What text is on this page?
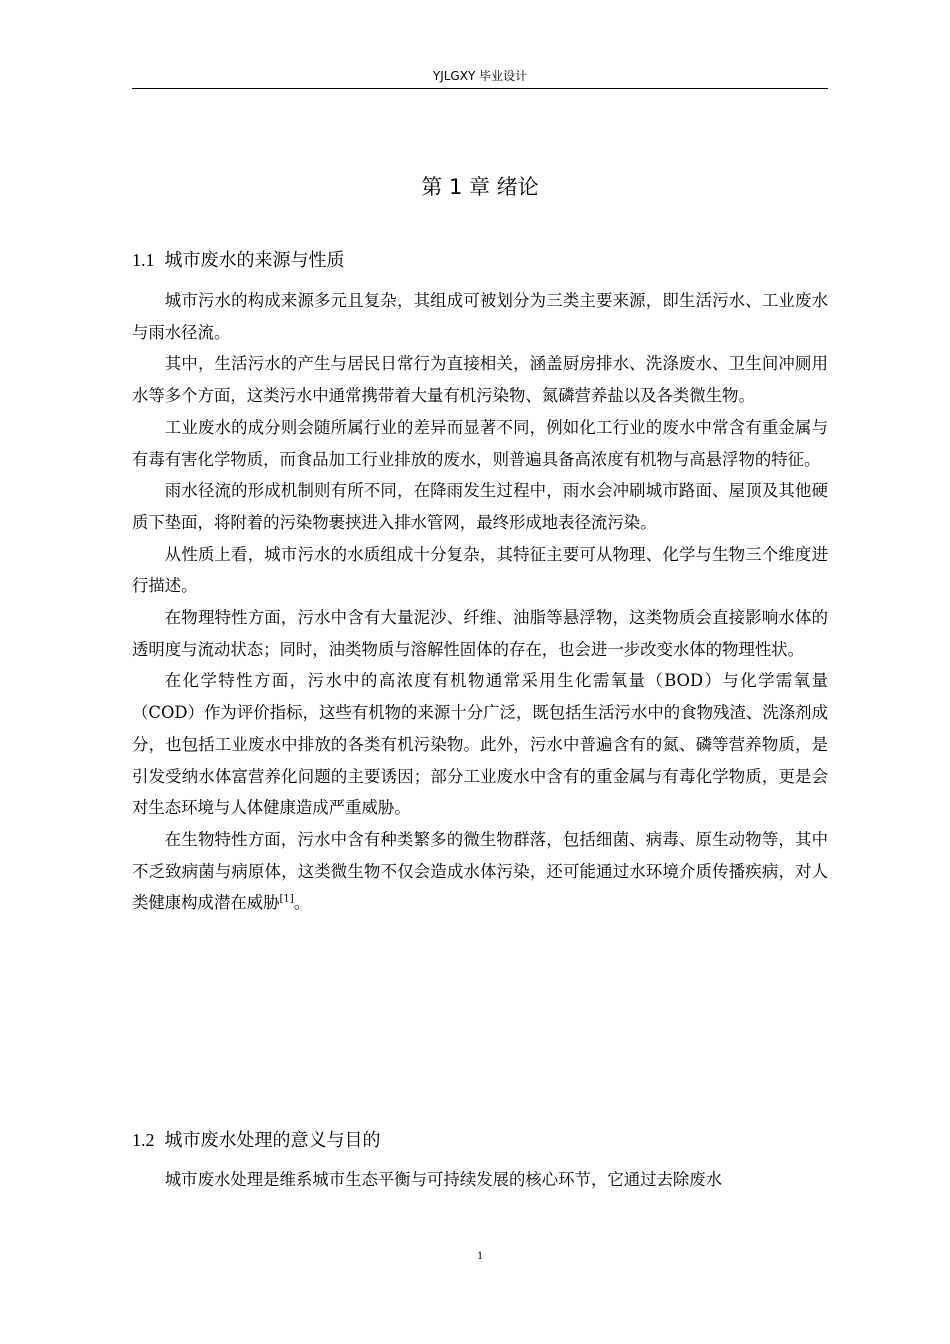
YJLGXY 毕业设计
第 1 章 绪论
1.1 城市废水的来源与性质

城市污水的构成来源多元且复杂，其组成可被划分为三类主要来源，即生活污水、工业废水与雨水径流。

其中，生活污水的产生与居民日常行为直接相关，涵盖厨房排水、洗涤废水、卫生间冲厕用水等多个方面，这类污水中通常携带着大量有机污染物、氮磷营养盐以及各类微生物。

工业废水的成分则会随所属行业的差异而显著不同，例如化工行业的废水中常含有重金属与有毒有害化学物质，而食品加工行业排放的废水，则普遍具备高浓度有机物与高悬浮物的特征。

雨水径流的形成机制则有所不同，在降雨发生过程中，雨水会冲刷城市路面、屋顶及其他硬质下垫面，将附着的污染物裹挟进入排水管网，最终形成地表径流污染。

从性质上看，城市污水的水质组成十分复杂，其特征主要可从物理、化学与生物三个维度进行描述。

在物理特性方面，污水中含有大量泥沙、纤维、油脂等悬浮物，这类物质会直接影响水体的透明度与流动状态；同时，油类物质与溶解性固体的存在，也会进一步改变水体的物理性状。

在化学特性方面，污水中的高浓度有机物通常采用生化需氧量（BOD）与化学需氧量（COD）作为评价指标，这些有机物的来源十分广泛，既包括生活污水中的食物残渣、洗涤剂成分，也包括工业废水中排放的各类有机污染物。此外，污水中普遍含有的氮、磷等营养物质，是引发受纳水体富营养化问题的主要诱因；部分工业废水中含有的重金属与有毒化学物质，更是会对生态环境与人体健康造成严重威胁。

在生物特性方面，污水中含有种类繁多的微生物群落，包括细菌、病毒、原生动物等，其中不乏致病菌与病原体，这类微生物不仅会造成水体污染，还可能通过水环境介质传播疾病，对人类健康构成潜在威胁[1]。

1.2 城市废水处理的意义与目的

城市废水处理是维系城市生态平衡与可持续发展的核心环节，它通过去除废水

1
